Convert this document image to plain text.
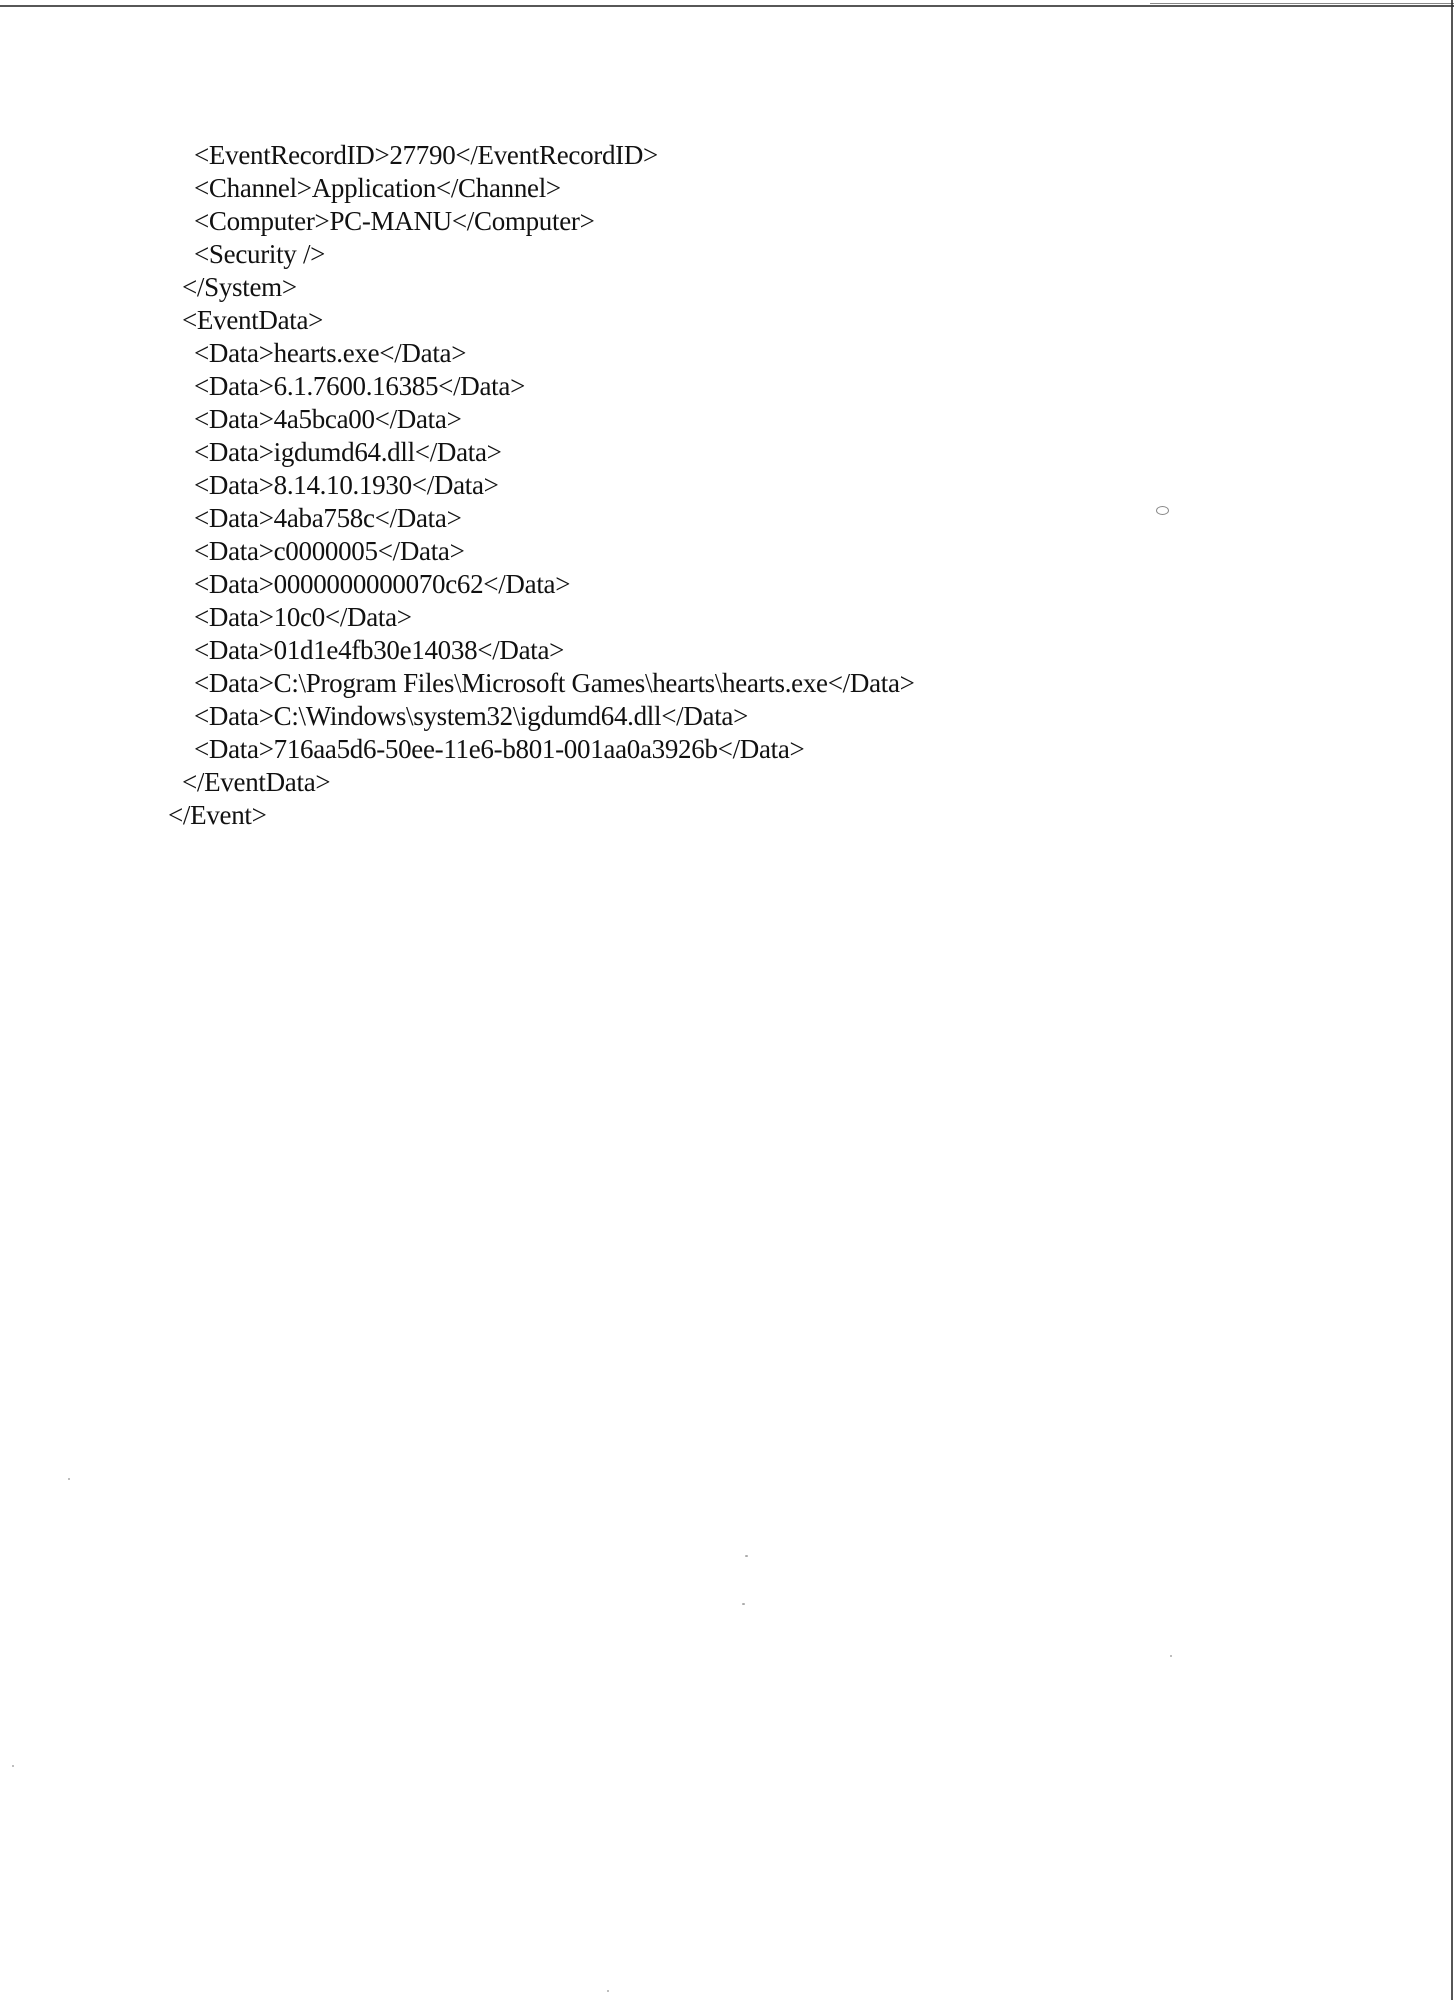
<EventRecordID>27790</EventRecordID>
<Channel>Application</Channel>
<Computer>PC-MANU</Computer>
<Security />
</System>
<EventData>
<Data>hearts.exe</Data>
<Data>6.1.7600.16385</Data>
<Data>4a5bca00</Data>
<Data>igdumd64.dll</Data>
<Data>8.14.10.1930</Data>
<Data>4aba758c</Data>
<Data>c0000005</Data>
<Data>0000000000070c62</Data>
<Data>10c0</Data>
<Data>01d1e4fb30e14038</Data>
<Data>C:\Program Files\Microsoft Games\hearts\hearts.exe</Data>
<Data>C:\Windows\system32\igdumd64.dll</Data>
<Data>716aa5d6-50ee-11e6-b801-001aa0a3926b</Data>
</EventData>
</Event>
